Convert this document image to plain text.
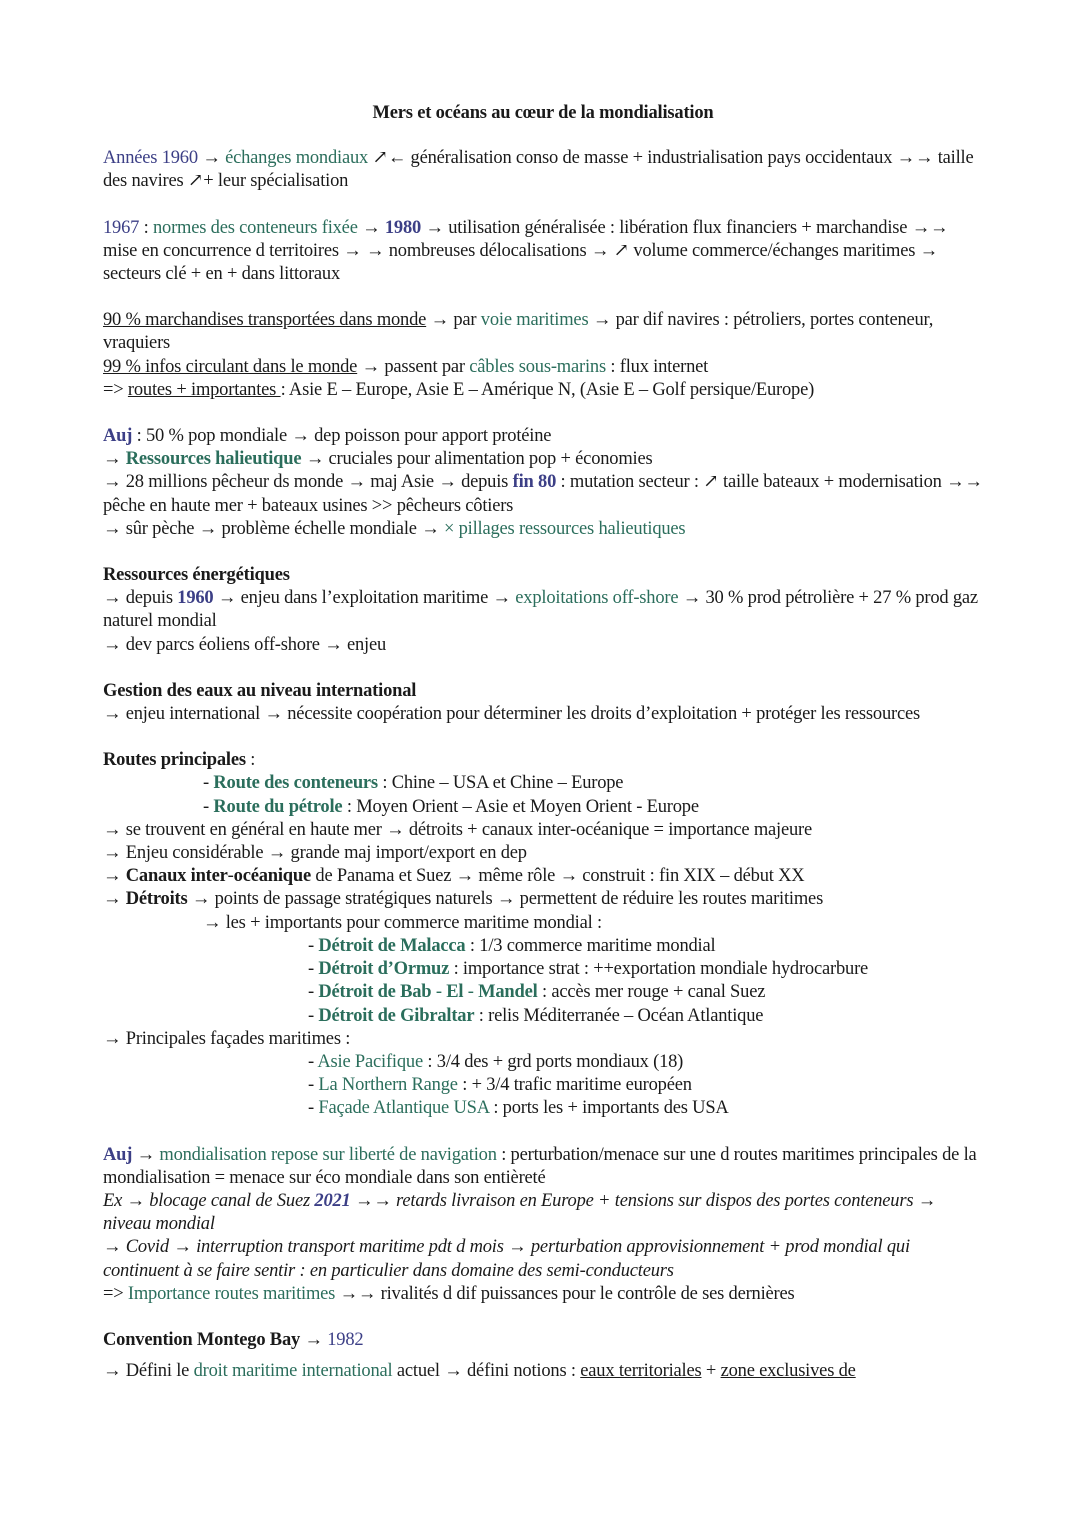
Mers et océans au cœur de la mondialisation

Années 1960 → échanges mondiaux ↗← généralisation conso de masse + industrialisation pays occidentaux →→ taille des navires ↗+ leur spécialisation

1967 : normes des conteneurs fixée → 1980 → utilisation généralisée : libération flux financiers + marchandise →→ mise en concurrence d territoires → → nombreuses délocalisations → ↗ volume commerce/échanges maritimes → secteurs clé + en + dans littoraux

90 % marchandises transportées dans monde → par voie maritimes → par dif navires : pétroliers, portes conteneur, vraquiers

99 % infos circulant dans le monde → passent par câbles sous-marins : flux internet

=> routes + importantes : Asie E – Europe, Asie E – Amérique N, (Asie E – Golf persique/Europe)

Auj : 50 % pop mondiale → dep poisson pour apport protéine

→ Ressources halieutique → cruciales pour alimentation pop + économies

→ 28 millions pêcheur ds monde → maj Asie → depuis fin 80 : mutation secteur : ↗ taille bateaux + modernisation →→ pêche en haute mer + bateaux usines >> pêcheurs côtiers

→ sûr pèche → problème échelle mondiale → × pillages ressources halieutiques

Ressources énergétiques

→ depuis 1960 → enjeu dans l’exploitation maritime → exploitations off-shore → 30 % prod pétrolière + 27 % prod gaz naturel mondial

→ dev parcs éoliens off-shore → enjeu

Gestion des eaux au niveau international

→ enjeu international → nécessite coopération pour déterminer les droits d’exploitation + protéger les ressources

Routes principales :

- Route des conteneurs : Chine – USA et Chine – Europe

- Route du pétrole : Moyen Orient – Asie et Moyen Orient - Europe

→ se trouvent en général en haute mer → détroits + canaux inter-océanique = importance majeure

→ Enjeu considérable → grande maj import/export en dep

→ Canaux inter-océanique de Panama et Suez → même rôle → construit : fin XIX – début XX

→ Détroits → points de passage stratégiques naturels → permettent de réduire les routes maritimes

→ les + importants pour commerce maritime mondial :

- Détroit de Malacca : 1/3 commerce maritime mondial

- Détroit d’Ormuz : importance strat : ++exportation mondiale hydrocarbure

- Détroit de Bab - El - Mandel : accès mer rouge + canal Suez

- Détroit de Gibraltar : relis Méditerranée – Océan Atlantique

→ Principales façades maritimes :

- Asie Pacifique : 3/4 des + grd ports mondiaux (18)

- La Northern Range : + 3/4 trafic maritime européen

- Façade Atlantique USA : ports les + importants des USA

Auj → mondialisation repose sur liberté de navigation : perturbation/menace sur une d routes maritimes principales de la mondialisation = menace sur éco mondiale dans son entièreté

Ex → blocage canal de Suez 2021 →→ retards livraison en Europe + tensions sur dispos des portes conteneurs → niveau mondial

→ Covid → interruption transport maritime pdt d mois → perturbation approvisionnement + prod mondial qui continuent à se faire sentir : en particulier dans domaine des semi-conducteurs

=> Importance routes maritimes →→ rivalités d dif puissances pour le contrôle de ses dernières

Convention Montego Bay → 1982

→ Défini le droit maritime international actuel → défini notions : eaux territoriales + zone exclusives de
